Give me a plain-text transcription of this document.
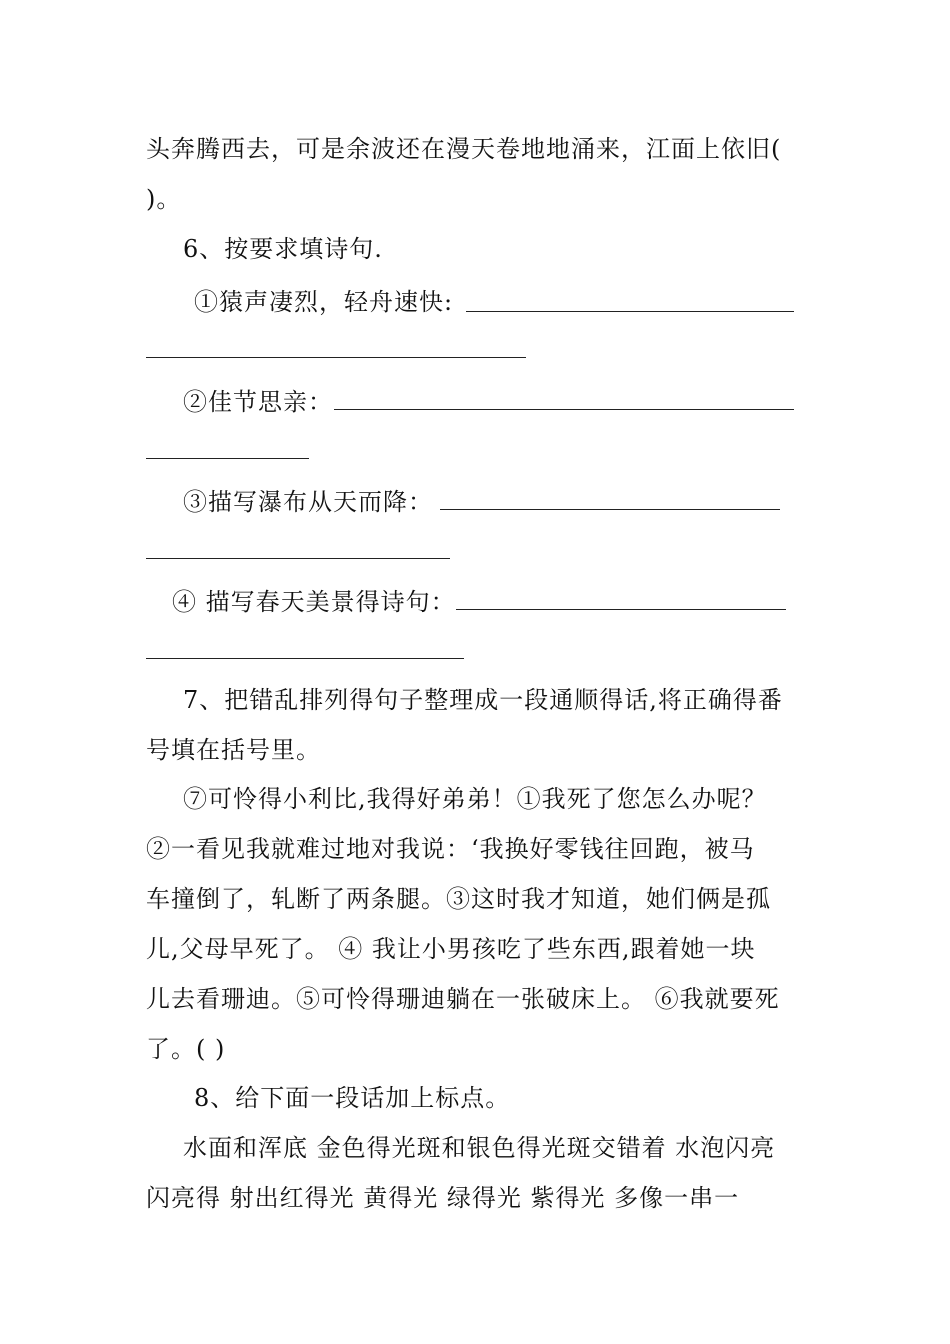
头奔腾西去，可是余波还在漫天卷地地涌来，江面上依旧(
)。
6、按要求填诗句.
①猿声凄烈，轻舟速快:
②佳节思亲：
③描写瀑布从天而降：
④ 描写春天美景得诗句：
7、把错乱排列得句子整理成一段通顺得话,将正确得番
号填在括号里。
⑦可怜得小利比,我得好弟弟！①我死了您怎么办呢？
②一看见我就难过地对我说：‘我换好零钱往回跑，被马
车撞倒了，轧断了两条腿。③这时我才知道，她们俩是孤
儿,父母早死了。 ④ 我让小男孩吃了些东西,跟着她一块
儿去看珊迪。⑤可怜得珊迪躺在一张破床上。 ⑥我就要死
了。( )
8、给下面一段话加上标点。
水面和浑底 金色得光斑和银色得光斑交错着 水泡闪亮
闪亮得 射出红得光 黄得光 绿得光 紫得光 多像一串一
